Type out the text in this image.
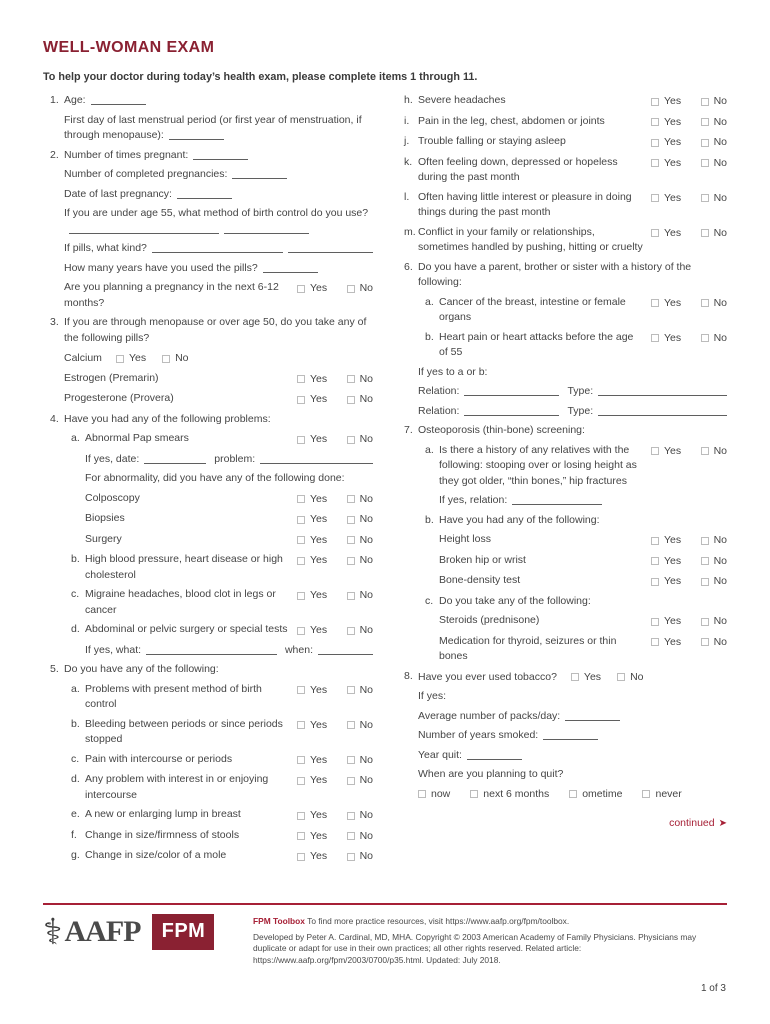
WELL-WOMAN EXAM

To help your doctor during today’s health exam, please complete items 1 through 11.

1. Age:
First day of last menstrual period (or first year of menstruation, if through menopause):
2. Number of times pregnant:
Number of completed pregnancies:
Date of last pregnancy:
If you are under age 55, what method of birth control do you use?
If pills, what kind?
How many years have you used the pills?
Are you planning a pregnancy in the next 6-12 months?
Yes	No
3. If you are through menopause or over age 50, do you take any of the following pills?
Calcium	Yes	No
Estrogen (Premarin)	Yes	No
Progesterone (Provera)	Yes	No
4. Have you had any of the following problems:
a. Abnormal Pap smears	Yes	No
If yes, date:	problem:
For abnormality, did you have any of the following done:
Colposcopy	Yes	No
Biopsies	Yes	No
Surgery	Yes	No
b. High blood pressure, heart disease or high cholesterol
Yes	No
c. Migraine headaches, blood clot in legs or cancer
Yes	No
d. Abdominal or pelvic surgery or special tests	Yes	No
If yes, what:	when:
5. Do you have any of the following:
a. Problems with present method of birth control
Yes	No
b. Bleeding between periods or since periods stopped
Yes	No
c. Pain with intercourse or periods	Yes	No
d. Any problem with interest in or enjoying intercourse
Yes	No
e. A new or enlarging lump in breast	Yes	No
f. Change in size/firmness of stools	Yes	No
g. Change in size/color of a mole	Yes	No
h. Severe headaches	Yes	No
i. Pain in the leg, chest, abdomen or joints	Yes	No
j. Trouble falling or staying asleep	Yes	No
k. Often feeling down, depressed or hopeless during the past month
Yes	No
l. Often having little interest or pleasure in doing things during the past month
Yes	No
m. Conflict in your family or relationships, sometimes handled by pushing, hitting or cruelty
Yes	No
6. Do you have a parent, brother or sister with a history of the following:
a. Cancer of the breast, intestine or female organs
Yes	No
b. Heart pain or heart attacks before the age of 55
Yes	No
If yes to a or b:
Relation:	Type:
Relation:	Type:
7. Osteoporosis (thin-bone) screening:
a. Is there a history of any relatives with the following: stooping over or losing height as they got older, “thin bones,” hip fractures
Yes	No
If yes, relation:
b. Have you had any of the following:
Height loss	Yes	No
Broken hip or wrist	Yes	No
Bone-density test	Yes	No
c. Do you take any of the following:
Steroids (prednisone)	Yes	No
Medication for thyroid, seizures or thin bones
Yes	No
8. Have you ever used tobacco?	Yes	No
If yes:
Average number of packs/day:
Number of years smoked:
Year quit:
When are you planning to quit?
now	next 6 months	ometime	never
continued ➤
⚕ AAFP	FPM	FPM Toolbox To find more practice resources, visit https://www.aafp.org/fpm/toolbox.

Developed by Peter A. Cardinal, MD, MHA. Copyright © 2003 American Academy of Family Physicians. Physicians may duplicate or adapt for use in their own practices; all other rights reserved. Related article: https://www.aafp.org/fpm/2003/0700/p35.html. Updated: July 2018.

1 of 3
